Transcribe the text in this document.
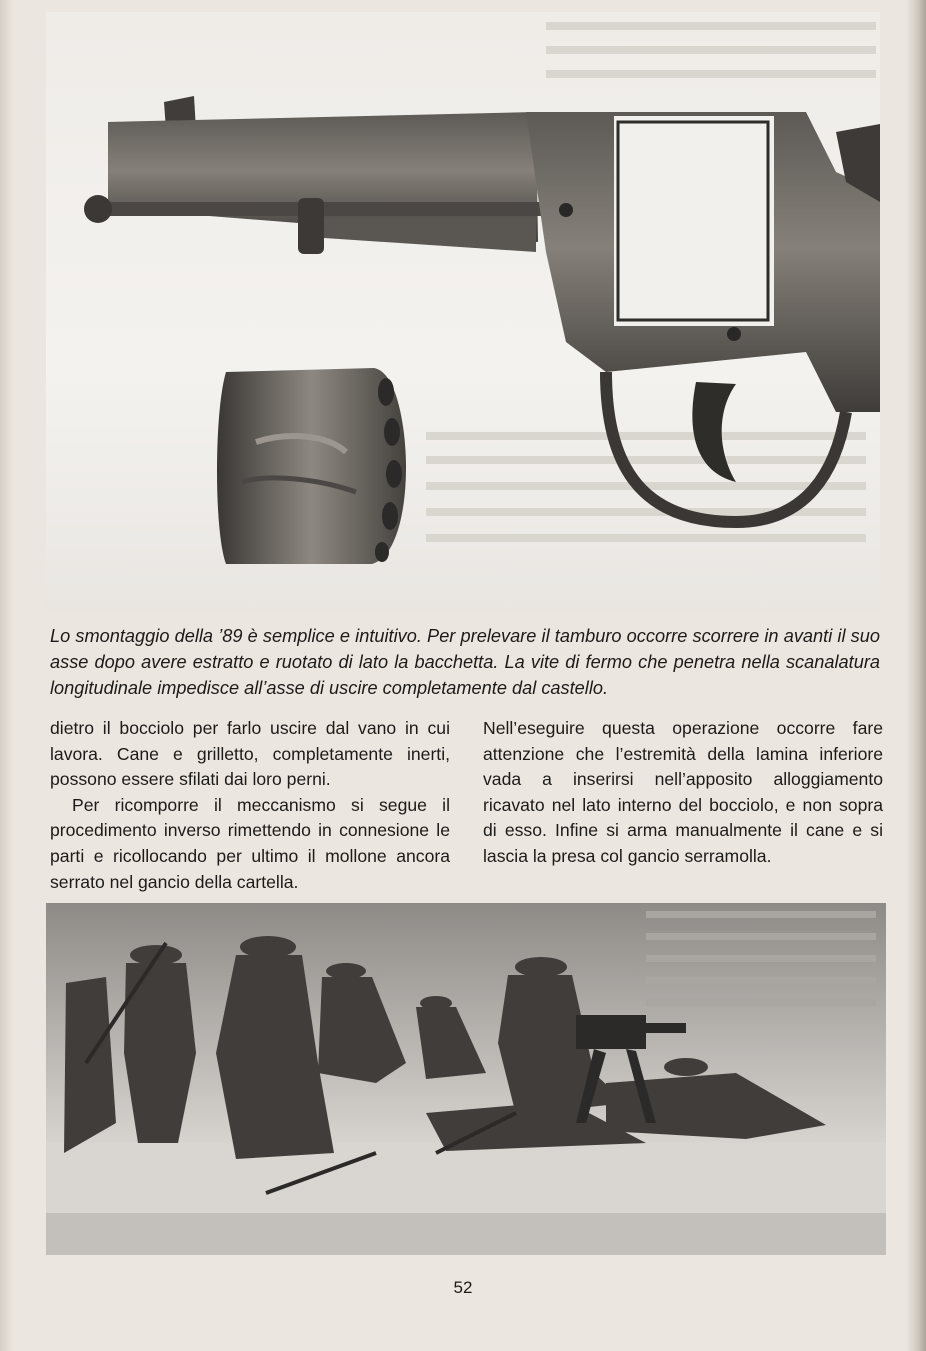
Lo smontaggio della ’89 è semplice e intuitivo. Per prelevare il tamburo occorre scorrere in avanti il suo asse dopo avere estratto e ruotato di lato la bacchetta. La vite di fermo che penetra nella scanalatura longitudinale impedisce all’asse di uscire completamente dal castello.

dietro il bocciolo per farlo uscire dal vano in cui lavora. Cane e grilletto, completamente inerti, possono essere sfilati dai loro perni.

Per ricomporre il meccanismo si segue il procedimento inverso rimettendo in connesione le parti e ricollocando per ultimo il mollone ancora serrato nel gancio della cartella.

Nell’eseguire questa operazione occorre fare attenzione che l’estremità della lamina inferiore vada a inserirsi nell’apposito alloggiamento ricavato nel lato interno del bocciolo, e non sopra di esso. Infine si arma manualmente il cane e si lascia la presa col gancio serramolla.

52
